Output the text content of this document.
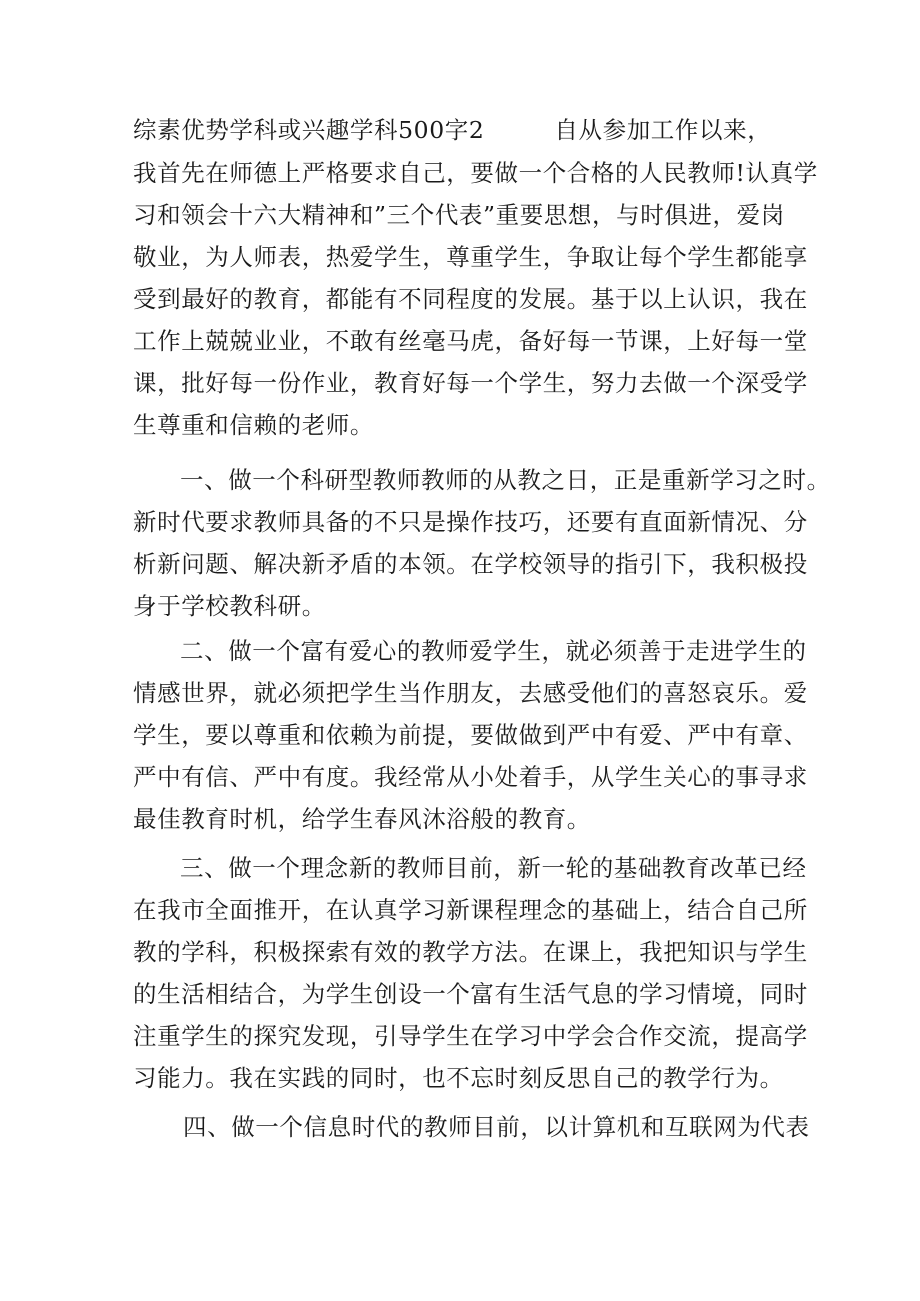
综素优势学科或兴趣学科500字2	自从参加工作以来，
我首先在师德上严格要求自己，要做一个合格的人民教师!认真学
习和领会十六大精神和”三个代表”重要思想，与时俱进，爱岗
敬业，为人师表，热爱学生，尊重学生，争取让每个学生都能享
受到最好的教育，都能有不同程度的发展。基于以上认识，我在
工作上兢兢业业，不敢有丝毫马虎，备好每一节课，上好每一堂
课，批好每一份作业，教育好每一个学生，努力去做一个深受学
生尊重和信赖的老师。
一、做一个科研型教师教师的从教之日，正是重新学习之时。
新时代要求教师具备的不只是操作技巧，还要有直面新情况、分
析新问题、解决新矛盾的本领。在学校领导的指引下，我积极投
身于学校教科研。
二、做一个富有爱心的教师爱学生，就必须善于走进学生的
情感世界，就必须把学生当作朋友，去感受他们的喜怒哀乐。爱
学生，要以尊重和依赖为前提，要做做到严中有爱、严中有章、
严中有信、严中有度。我经常从小处着手，从学生关心的事寻求
最佳教育时机，给学生春风沐浴般的教育。
三、做一个理念新的教师目前，新一轮的基础教育改革已经
在我市全面推开，在认真学习新课程理念的基础上，结合自己所
教的学科，积极探索有效的教学方法。在课上，我把知识与学生
的生活相结合，为学生创设一个富有生活气息的学习情境，同时
注重学生的探究发现，引导学生在学习中学会合作交流，提高学
习能力。我在实践的同时，也不忘时刻反思自己的教学行为。
四、做一个信息时代的教师目前，以计算机和互联网为代表
